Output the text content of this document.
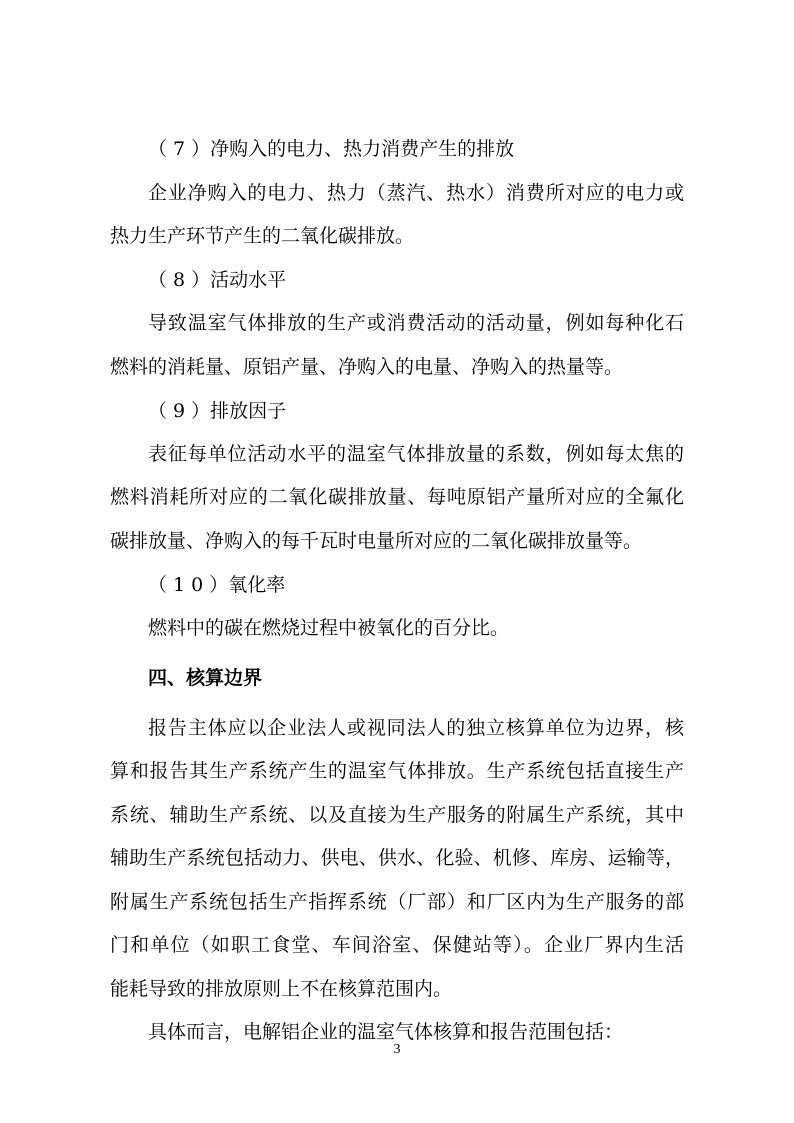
（ 7 ）净购入的电力、热力消费产生的排放
企业净购入的电力、热力（蒸汽、热水）消费所对应的电力或
热力生产环节产生的二氧化碳排放。
（ 8 ）活动水平
导致温室气体排放的生产或消费活动的活动量，例如每种化石
燃料的消耗量、原铝产量、净购入的电量、净购入的热量等。
（ 9 ）排放因子
表征每单位活动水平的温室气体排放量的系数，例如每太焦的
燃料消耗所对应的二氧化碳排放量、每吨原铝产量所对应的全氟化
碳排放量、净购入的每千瓦时电量所对应的二氧化碳排放量等。
（ 1 0 ）氧化率
燃料中的碳在燃烧过程中被氧化的百分比。
四、核算边界
报告主体应以企业法人或视同法人的独立核算单位为边界，核
算和报告其生产系统产生的温室气体排放。生产系统包括直接生产
系统、辅助生产系统、以及直接为生产服务的附属生产系统，其中
辅助生产系统包括动力、供电、供水、化验、机修、库房、运输等，
附属生产系统包括生产指挥系统（厂部）和厂区内为生产服务的部
门和单位（如职工食堂、车间浴室、保健站等）。企业厂界内生活
能耗导致的排放原则上不在核算范围内。
具体而言，电解铝企业的温室气体核算和报告范围包括：
3
